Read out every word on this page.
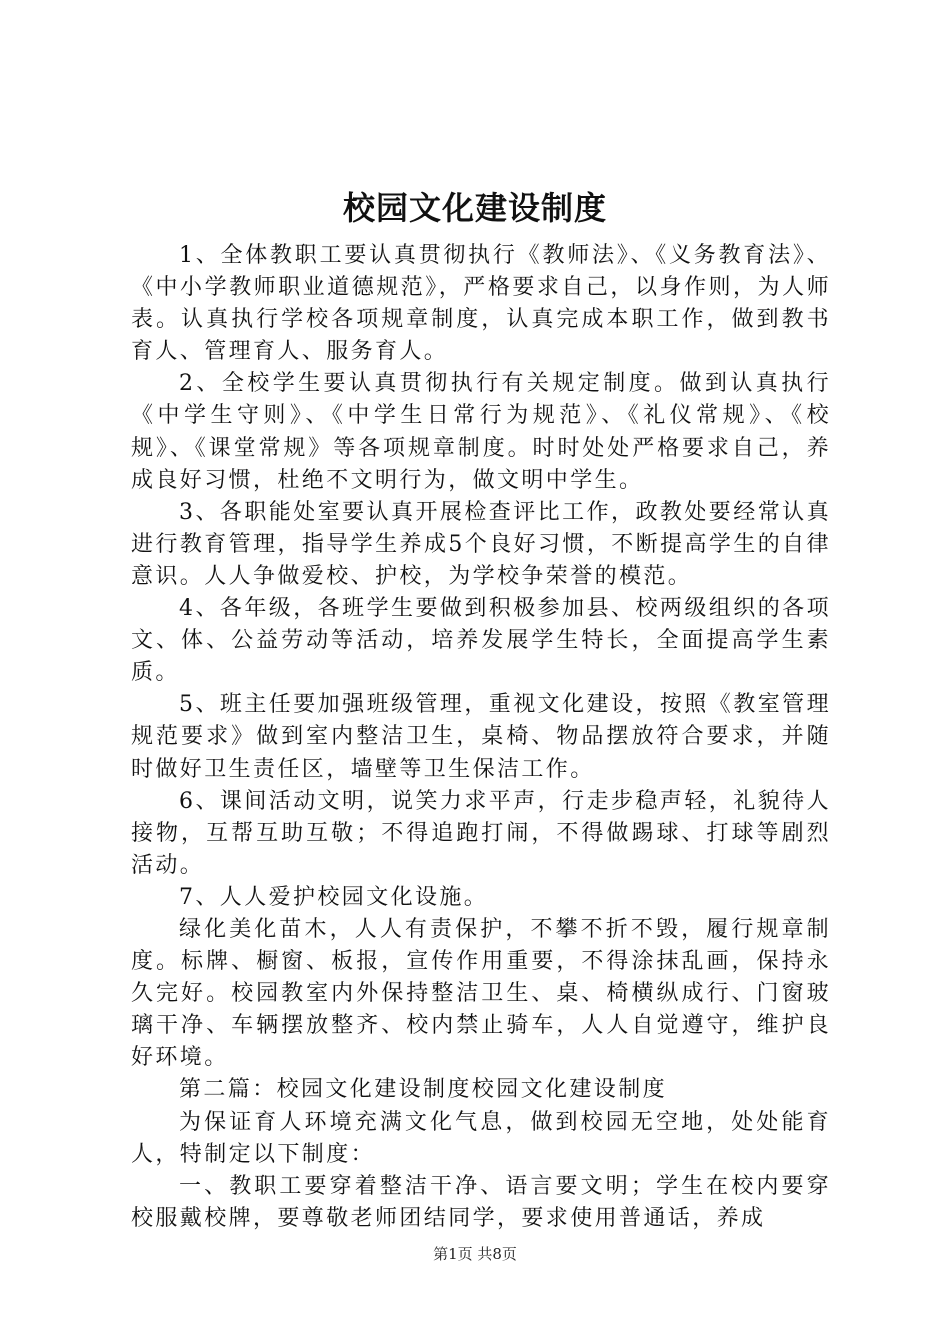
校园文化建设制度

1、全体教职工要认真贯彻执行《教师法》、《义务教育法》、《中小学教师职业道德规范》，严格要求自己，以身作则，为人师表。认真执行学校各项规章制度，认真完成本职工作，做到教书育人、管理育人、服务育人。

2、全校学生要认真贯彻执行有关规定制度。做到认真执行《中学生守则》、《中学生日常行为规范》、《礼仪常规》、《校规》、《课堂常规》等各项规章制度。时时处处严格要求自己，养成良好习惯，杜绝不文明行为，做文明中学生。

3、各职能处室要认真开展检查评比工作，政教处要经常认真进行教育管理，指导学生养成5个良好习惯，不断提高学生的自律意识。人人争做爱校、护校，为学校争荣誉的模范。

4、各年级，各班学生要做到积极参加县、校两级组织的各项文、体、公益劳动等活动，培养发展学生特长，全面提高学生素质。

5、班主任要加强班级管理，重视文化建设，按照《教室管理规范要求》做到室内整洁卫生，桌椅、物品摆放符合要求，并随时做好卫生责任区，墙壁等卫生保洁工作。

6、课间活动文明，说笑力求平声，行走步稳声轻，礼貌待人接物，互帮互助互敬；不得追跑打闹，不得做踢球、打球等剧烈活动。

7、人人爱护校园文化设施。

绿化美化苗木，人人有责保护，不攀不折不毁，履行规章制度。标牌、橱窗、板报，宣传作用重要，不得涂抹乱画，保持永久完好。校园教室内外保持整洁卫生、桌、椅横纵成行、门窗玻璃干净、车辆摆放整齐、校内禁止骑车，人人自觉遵守，维护良好环境。

第二篇：校园文化建设制度校园文化建设制度

为保证育人环境充满文化气息，做到校园无空地，处处能育人，特制定以下制度：

一、教职工要穿着整洁干净、语言要文明；学生在校内要穿校服戴校牌，要尊敬老师团结同学，要求使用普通话，养成

第1页 共8页
